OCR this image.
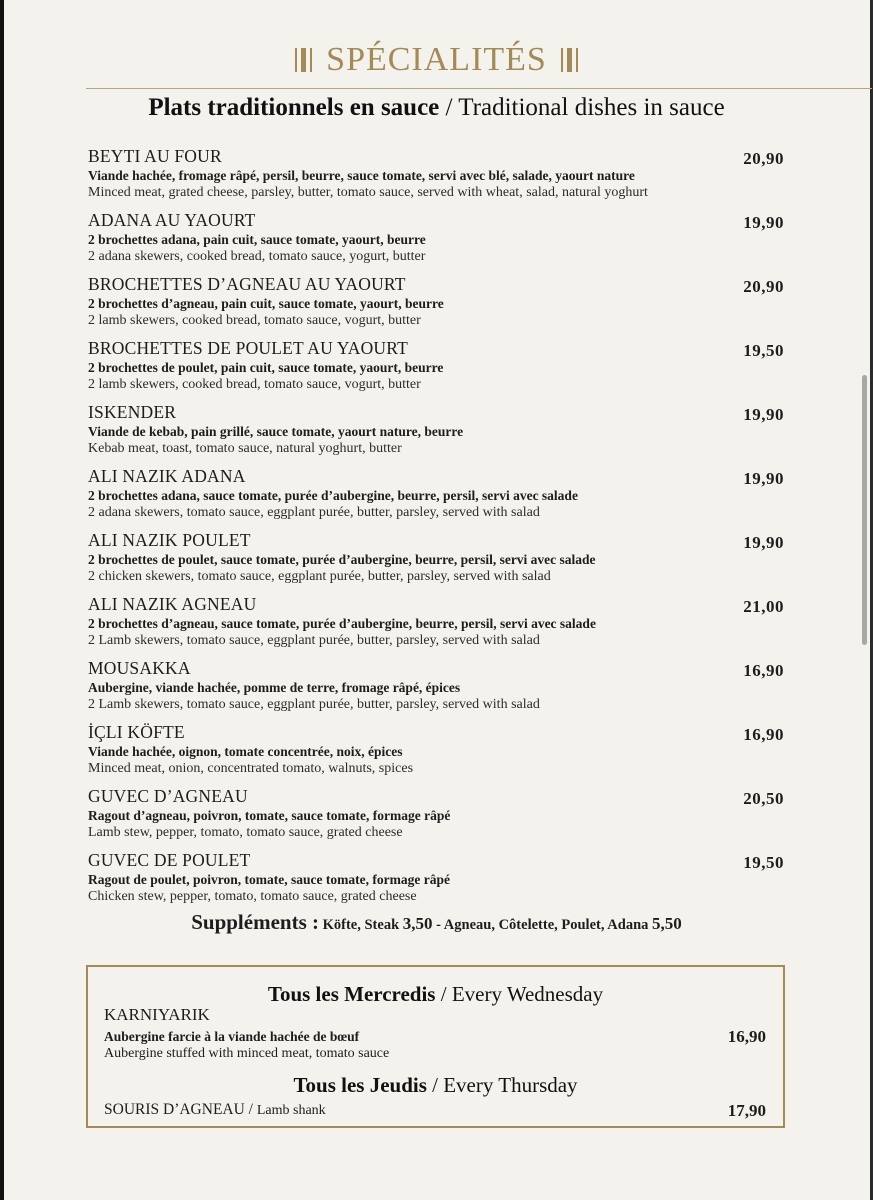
SPÉCIALITÉS
Plats traditionnels en sauce / Traditional dishes in sauce
BEYTI AU FOUR
Viande hachée, fromage râpé, persil, beurre, sauce tomate, servi avec blé, salade, yaourt nature
Minced meat, grated cheese, parsley, butter, tomato sauce, served with wheat, salad, natural yoghurt
20,90
ADANA AU YAOURT
2 brochettes adana, pain cuit, sauce tomate, yaourt, beurre
2 adana skewers, cooked bread, tomato sauce, yogurt, butter
19,90
BROCHETTES D’AGNEAU AU YAOURT
2 brochettes d’agneau, pain cuit, sauce tomate, yaourt, beurre
2 lamb skewers, cooked bread, tomato sauce, vogurt, butter
20,90
BROCHETTES DE POULET AU YAOURT
2 brochettes de poulet, pain cuit, sauce tomate, yaourt, beurre
2 lamb skewers, cooked bread, tomato sauce, vogurt, butter
19,50
ISKENDER
Viande de kebab, pain grillé, sauce tomate, yaourt nature, beurre
Kebab meat, toast, tomato sauce, natural yoghurt, butter
19,90
ALI NAZIK ADANA
2 brochettes adana, sauce tomate, purée d’aubergine, beurre, persil, servi avec salade
2 adana skewers, tomato sauce, eggplant purée, butter, parsley, served with salad
19,90
ALI NAZIK POULET
2 brochettes de poulet, sauce tomate, purée d’aubergine, beurre, persil, servi avec salade
2 chicken skewers, tomato sauce, eggplant purée, butter, parsley, served with salad
19,90
ALI NAZIK AGNEAU
2 brochettes d’agneau, sauce tomate, purée d’aubergine, beurre, persil, servi avec salade
2 Lamb skewers, tomato sauce, eggplant purée, butter, parsley, served with salad
21,00
MOUSAKKA
Aubergine, viande hachée, pomme de terre, fromage râpé, épices
2 Lamb skewers, tomato sauce, eggplant purée, butter, parsley, served with salad
16,90
İÇLI KÖFTE
Viande hachée, oignon, tomate concentrée, noix, épices
Minced meat, onion, concentrated tomato, walnuts, spices
16,90
GUVEC D’AGNEAU
Ragout d’agneau, poivron, tomate, sauce tomate, formage râpé
Lamb stew, pepper, tomato, tomato sauce, grated cheese
20,50
GUVEC DE POULET
Ragout de poulet, poivron, tomate, sauce tomate, formage râpé
Chicken stew, pepper, tomato, tomato sauce, grated cheese
19,50
Suppléments : Köfte, Steak 3,50 - Agneau, Côtelette, Poulet, Adana 5,50
Tous les Mercredis / Every Wednesday
KARNIYARIK
Aubergine farcie à la viande hachée de bœuf
Aubergine stuffed with minced meat, tomato sauce
16,90
Tous les Jeudis / Every Thursday
SOURIS D’AGNEAU / Lamb shank	17,90
